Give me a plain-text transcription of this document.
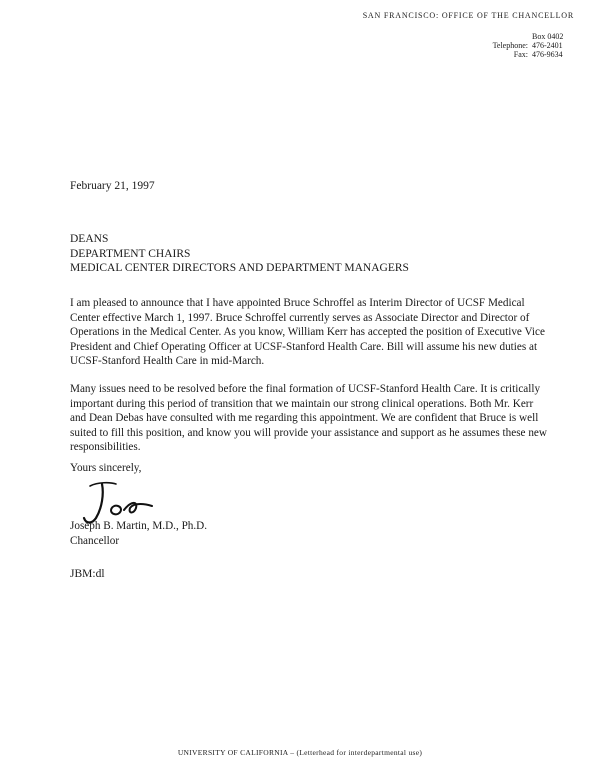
SAN FRANCISCO: OFFICE OF THE CHANCELLOR
Box 0402
Telephone: 476-2401
Fax: 476-9634
February 21, 1997
DEANS
DEPARTMENT CHAIRS
MEDICAL CENTER DIRECTORS AND DEPARTMENT MANAGERS
I am pleased to announce that I have appointed Bruce Schroffel as Interim Director of UCSF Medical Center effective March 1, 1997. Bruce Schroffel currently serves as Associate Director and Director of Operations in the Medical Center. As you know, William Kerr has accepted the position of Executive Vice President and Chief Operating Officer at UCSF-Stanford Health Care. Bill will assume his new duties at UCSF-Stanford Health Care in mid-March.
Many issues need to be resolved before the final formation of UCSF-Stanford Health Care. It is critically important during this period of transition that we maintain our strong clinical operations. Both Mr. Kerr and Dean Debas have consulted with me regarding this appointment. We are confident that Bruce is well suited to fill this position, and know you will provide your assistance and support as he assumes these new responsibilities.
Yours sincerely,
Joseph B. Martin, M.D., Ph.D.
Chancellor
JBM:dl
UNIVERSITY OF CALIFORNIA – (Letterhead for interdepartmental use)
